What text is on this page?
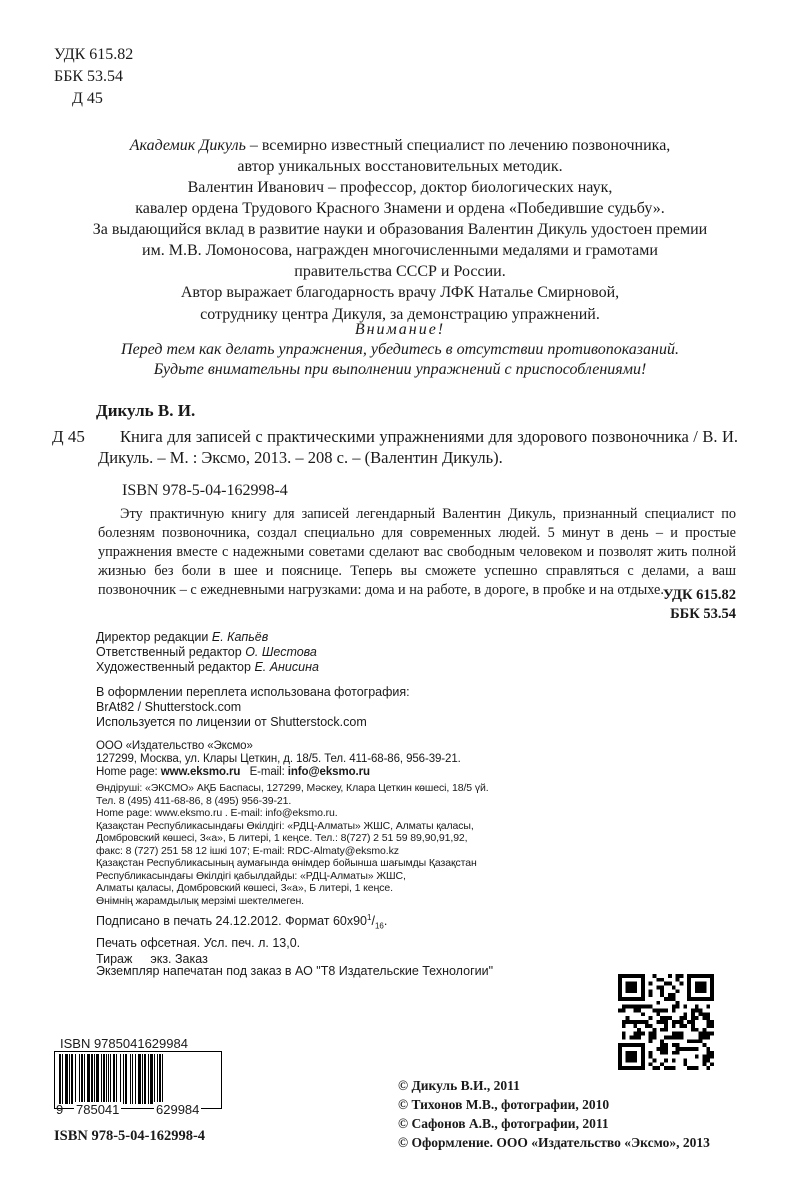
УДК 615.82
ББК 53.54
Д 45
Академик Дикуль – всемирно известный специалист по лечению позвоночника,
автор уникальных восстановительных методик.
Валентин Иванович – профессор, доктор биологических наук,
кавалер ордена Трудового Красного Знамени и ордена «Победившие судьбу».
За выдающийся вклад в развитие науки и образования Валентин Дикуль удостоен премии
им. М.В. Ломоносова, награжден многочисленными медалями и грамотами
правительства СССР и России.
Автор выражает благодарность врачу ЛФК Наталье Смирновой,
сотруднику центра Дикуля, за демонстрацию упражнений.
Внимание!
Перед тем как делать упражнения, убедитесь в отсутствии противопоказаний.
Будьте внимательны при выполнении упражнений с приспособлениями!
Дикуль В. И.
Д 45	Книга для записей с практическими упражнениями для здорового позвоночника / В. И. Дикуль. – М. : Эксмо, 2013. – 208 с. – (Валентин Дикуль).
ISBN 978-5-04-162998-4
Эту практичную книгу для записей легендарный Валентин Дикуль, признанный специалист по болезням позвоночника, создал специально для современных людей. 5 минут в день – и простые упражнения вместе с надежными советами сделают вас свободным человеком и позволят жить полной жизнью без боли в шее и пояснице. Теперь вы сможете успешно справляться с делами, а ваш позвоночник – с ежедневными нагрузками: дома и на работе, в дороге, в пробке и на отдыхе.
УДК 615.82
ББК 53.54
Директор редакции Е. Капьёв
Ответственный редактор О. Шестова
Художественный редактор Е. Анисина
В оформлении переплета использована фотография:
BrAt82 / Shutterstock.com
Используется по лицензии от Shutterstock.com
ООО «Издательство «Эксмо»
127299, Москва, ул. Клары Цеткин, д. 18/5. Тел. 411-68-86, 956-39-21.
Home page: www.eksmo.ru   E-mail: info@eksmo.ru
Өндіруші: «ЭКСМО» АҚБ Баспасы, 127299, Мәскеу, Клара Цеткин көшесі, 18/5 үй.
Тел. 8 (495) 411-68-86, 8 (495) 956-39-21.
Home page: www.eksmo.ru . E-mail: info@eksmo.ru.
Қазақстан Республикасындағы Өкілдігі: «РДЦ-Алматы» ЖШС, Алматы қаласы,
Домбровский көшесі, 3«а», Б литері, 1 кеңсе. Тел.: 8(727) 2 51 59 89,90,91,92,
факс: 8 (727) 251 58 12 ішкі 107; E-mail: RDC-Almaty@eksmo.kz
Қазақстан Республикасының аумағында өнімдер бойынша шағымды Қазақстан
Республикасындағы Өкілдігі қабылдайды: «РДЦ-Алматы» ЖШС,
Алматы қаласы, Домбровский көшесі, 3«а», Б литері, 1 кеңсе.
Өнімнің жарамдылық мерзімі шектелмеген.
Подписано в печать 24.12.2012. Формат $60х90^1/_{16}$.
Печать офсетная. Усл. печ. л. 13,0.
Тираж экз. Заказ
Экземпляр напечатан под заказ в АО "Т8 Издательские Технологии"
ISBN 9785041629984
9 785041	629984
ISBN 978-5-04-162998-4
© Дикуль В.И., 2011
© Тихонов М.В., фотографии, 2010
© Сафонов А.В., фотографии, 2011
© Оформление. ООО «Издательство «Эксмо», 2013
